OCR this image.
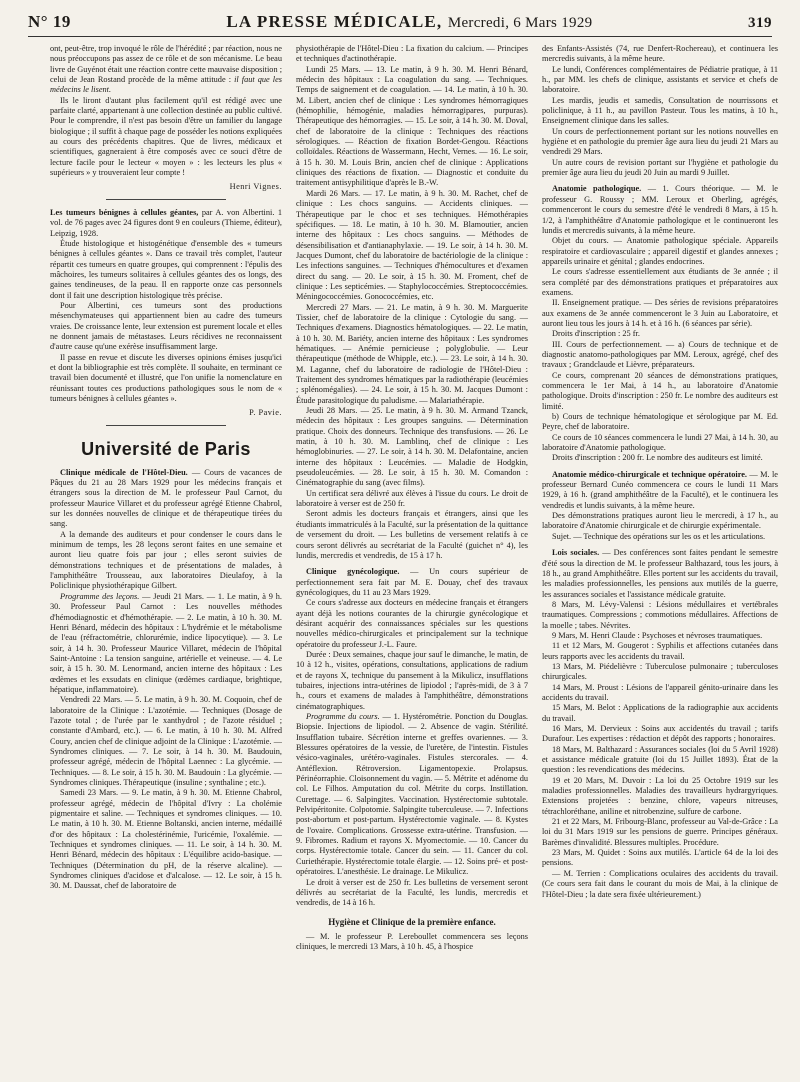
N° 19	LA PRESSE MÉDICALE, Mercredi, 6 Mars 1929	319

ont, peut-être, trop invoqué le rôle de l'hérédité ; par réaction, nous ne nous préoccupons pas assez de ce rôle et de son mécanisme. Le beau livre de Guyénot était une réaction contre cette mauvaise disposition ; celui de Jean Rostand procède de la même attitude : il faut que les médecins le lisent.

Ils le liront d'autant plus facilement qu'il est rédigé avec une parfaite clarté, appartenant à une collection destinée au public cultivé. Pour le comprendre, il n'est pas besoin d'être un familier du langage biologique ; il suffit à chaque page de posséder les notions expliquées au cours des précédents chapitres. Que de livres, médicaux et scientifiques, gagneraient à être composés avec ce souci d'être de lecture facile pour le lecteur « moyen » : les lecteurs les plus « supérieurs » y trouveraient leur compte !

Henri Vignes.

Les tumeurs bénignes à cellules géantes, par A. von Albertini. 1 vol. de 76 pages avec 24 figures dont 9 en couleurs (Thieme, éditeur), Leipzig, 1928.

Étude histologique et histogénétique d'ensemble des « tumeurs bénignes à cellules géantes ». Dans ce travail très complet, l'auteur répartit ces tumeurs en quatre groupes, qui comprennent : l'épulis des mâchoires, les tumeurs solitaires à cellules géantes des os longs, des gaines tendineuses, de la peau. Il en rapporte onze cas personnels dont il fait une description histologique très précise.

Pour Albertini, ces tumeurs sont des productions mésenchymateuses qui appartiennent bien au cadre des tumeurs vraies. De croissance lente, leur extension est purement locale et elles ne donnent jamais de métastases. Leurs récidives ne reconnaissent d'autre cause qu'une exérèse insuffisamment large.

Il passe en revue et discute les diverses opinions émises jusqu'ici et dont la bibliographie est très complète. Il souhaite, en terminant ce travail bien documenté et illustré, que l'on unifie la nomenclature en réunissant toutes ces productions pathologiques sous le nom de « tumeurs bénignes à cellules géantes ».

P. Pavie.
Université de Paris

Clinique médicale de l'Hôtel-Dieu. — Cours de vacances de Pâques du 21 au 28 Mars 1929 pour les médecins français et étrangers sous la direction de M. le professeur Paul Carnot, du professeur Maurice Villaret et du professeur agrégé Etienne Chabrol, sur les données nouvelles de clinique et de thérapeutique tirées du sang.

A la demande des auditeurs et pour condenser le cours dans le minimum de temps, les 28 leçons seront faites en une semaine et auront lieu quatre fois par jour ; elles seront suivies de démonstrations techniques et de présentations de malades, à l'amphithéâtre Trousseau, aux laboratoires Dieulafoy, à la Policlinique physiothérapique Gilbert.

Programme des leçons. — Jeudi 21 Mars. — 1. Le matin, à 9 h. 30. Professeur Paul Carnot : Les nouvelles méthodes d'hémodiagnostic et d'hémothérapie. — 2. Le matin, à 10 h. 30. M. Henri Bénard, médecin des hôpitaux : L'hydrémie et le métabolisme de l'eau (réfractométrie, chlorurémie, indice lipocytique). — 3. Le soir, à 14 h. 30. Professeur Maurice Villaret, médecin de l'hôpital Saint-Antoine : La tension sanguine, artérielle et veineuse. — 4. Le soir, à 15 h. 30. M. Lenormand, ancien interne des hôpitaux : Les œdèmes et les exsudats en clinique (œdèmes cardiaque, brightique, hépatique, inflammatoire).

Vendredi 22 Mars. — 5. Le matin, à 9 h. 30. M. Coquoin, chef de laboratoire de la Clinique : L'azotémie. — Techniques (Dosage de l'azote total ; de l'urée par le xanthydrol ; de l'azote résiduel ; constante d'Ambard, etc.). — 6. Le matin, à 10 h. 30. M. Alfred Coury, ancien chef de clinique adjoint de la Clinique : L'azotémie. — Syndromes cliniques. — 7. Le soir, à 14 h. 30. M. Baudouin, professeur agrégé, médecin de l'hôpital Laennec : La glycémie. — Techniques. — 8. Le soir, à 15 h. 30. M. Baudouin : La glycémie. — Syndromes cliniques. Thérapeutique (insuline ; synthaline ; etc.).

Samedi 23 Mars. — 9. Le matin, à 9 h. 30. M. Etienne Chabrol, professeur agrégé, médecin de l'hôpital d'Ivry : La cholémie pigmentaire et saline. — Techniques et syndromes cliniques. — 10. Le matin, à 10 h. 30. M. Etienne Boltanski, ancien interne, médaillé d'or des hôpitaux : La cholestérinémie, l'uricémie, l'oxalémie. — Techniques et syndromes cliniques. — 11. Le soir, à 14 h. 30. M. Henri Bénard, médecin des hôpitaux : L'équilibre acido-basique. — Techniques (Détermination du pH, de la réserve alcaline). — Syndromes cliniques d'acidose et d'alcalose. — 12. Le soir, à 15 h. 30. M. Daussat, chef de laboratoire de

physiothérapie de l'Hôtel-Dieu : La fixation du calcium. — Principes et techniques d'actinothérapie.

Lundi 25 Mars. — 13. Le matin, à 9 h. 30. M. Henri Bénard, médecin des hôpitaux : La coagulation du sang. — Techniques. Temps de saignement et de coagulation. — 14. Le matin, à 10 h. 30. M. Libert, ancien chef de clinique : Les syndromes hémorragiques (hémophilie, hémogénie, maladies hémorragipares, purpuras). Thérapeutique des hémorragies. — 15. Le soir, à 14 h. 30. M. Doval, chef de laboratoire de la clinique : Techniques des réactions sérologiques. — Réaction de fixation Bordet-Gengou. Réactions colloïdales. Réactions de Wassermann, Hecht, Vernes. — 16. Le soir, à 15 h. 30. M. Louis Brin, ancien chef de clinique : Applications cliniques des réactions de fixation. — Diagnostic et conduite du traitement antisyphilitique d'après le B.-W.

Mardi 26 Mars. — 17. Le matin, à 9 h. 30. M. Rachet, chef de clinique : Les chocs sanguins. — Accidents cliniques. — Thérapeutique par le choc et ses techniques. Hémothérapies spécifiques. — 18. Le matin, à 10 h. 30. M. Blamoutier, ancien interne des hôpitaux : Les chocs sanguins. — Méthodes de désensibilisation et d'antianaphylaxie. — 19. Le soir, à 14 h. 30. M. Jacques Dumont, chef du laboratoire de bactériologie de la clinique : Les infections sanguines. — Techniques d'hémocultures et d'examen direct du sang. — 20. Le soir, à 15 h. 30. M. Froment, chef de clinique : Les septicémies. — Staphylococcémies. Streptococcémies. Méningococcémies. Gonococcémies, etc.

Mercredi 27 Mars. — 21. Le matin, à 9 h. 30. M. Marguerite Tissier, chef de laboratoire de la clinique : Cytologie du sang. — Techniques d'examens. Diagnostics hématologiques. — 22. Le matin, à 10 h. 30. M. Bariéty, ancien interne des hôpitaux : Les syndromes hématiques. — Anémie pernicieuse ; polyglobulie. — Leur thérapeutique (méthode de Whipple, etc.). — 23. Le soir, à 14 h. 30. M. Laganne, chef du laboratoire de radiologie de l'Hôtel-Dieu : Traitement des syndromes hématiques par la radiothérapie (leucémies ; splénomégalies). — 24. Le soir, à 15 h. 30. M. Jacques Dumont : Étude parasitologique du paludisme. — Malariathérapie.

Jeudi 28 Mars. — 25. Le matin, à 9 h. 30. M. Armand Tzanck, médecin des hôpitaux : Les groupes sanguins. — Détermination pratique. Choix des donneurs. Technique des transfusions. — 26. Le matin, à 10 h. 30. M. Lamblinq, chef de clinique : Les hémoglobinuries. — 27. Le soir, à 14 h. 30. M. Delafontaine, ancien interne des hôpitaux : Leucémies. — Maladie de Hodgkin, pseudoleucémies. — 28. Le soir, à 15 h. 30. M. Comandon : Cinématographie du sang (avec films).

Un certificat sera délivré aux élèves à l'issue du cours. Le droit de laboratoire à verser est de 250 fr.

Seront admis les docteurs français et étrangers, ainsi que les étudiants immatriculés à la Faculté, sur la présentation de la quittance de versement du droit. — Les bulletins de versement relatifs à ce cours seront délivrés au secrétariat de la Faculté (guichet n° 4), les lundis, mercredis et vendredis, de 15 à 17 h.

Clinique gynécologique. — Un cours supérieur de perfectionnement sera fait par M. E. Douay, chef des travaux gynécologiques, du 11 au 23 Mars 1929.

Ce cours s'adresse aux docteurs en médecine français et étrangers ayant déjà les notions courantes de la chirurgie gynécologique et désirant acquérir des connaissances spéciales sur les questions nouvelles médico-chirurgicales et principalement sur la technique opératoire du professeur J.-L. Faure.

Durée : Deux semaines, chaque jour sauf le dimanche, le matin, de 10 à 12 h., visites, opérations, consultations, applications de radium et de rayons X, technique du pansement à la Mikulicz, insufflations tubaires, injections intra-utérines de lipiodol ; l'après-midi, de 3 à 7 h., cours et examens de malades à l'amphithéâtre, démonstrations cinématographiques.

Programme du cours. — 1. Hystérométrie. Ponction du Douglas. Biopsie. Injections de lipiodol. — 2. Absence de vagin. Stérilité. Insufflation tubaire. Sécrétion interne et greffes ovariennes. — 3. Blessures opératoires de la vessie, de l'uretère, de l'intestin. Fistules vésico-vaginales, urétéro-vaginales. Fistules stercorales. — 4. Antéflexion. Rétroversion. Ligamentopexie. Prolapsus. Périnéorraphie. Cloisonnement du vagin. — 5. Métrite et adénome du col. Le Filhos. Amputation du col. Métrite du corps. Instillation. Curettage. — 6. Salpingites. Vaccination. Hystérectomie subtotale. Pelvipéritonite. Colpotomie. Salpingite tuberculeuse. — 7. Infections post-abortum et post-partum. Hystérectomie vaginale. — 8. Kystes de l'ovaire. Complications. Grossesse extra-utérine. Transfusion. — 9. Fibromes. Radium et rayons X. Myomectomie. — 10. Cancer du corps. Hystérectomie totale. Cancer du sein. — 11. Cancer du col. Curiethérapie. Hystérectomie totale élargie. — 12. Soins pré- et post-opératoires. L'anesthésie. Le drainage. Le Mikulicz.

Le droit à verser est de 250 fr. Les bulletins de versement seront délivrés au secrétariat de la Faculté, les lundis, mercredis et vendredis, de 14 à 16 h.

Hygiène et Clinique de la première enfance.

— M. le professeur P. Lereboullet commencera ses leçons cliniques, le mercredi 13 Mars, à 10 h. 45, à l'hospice

des Enfants-Assistés (74, rue Denfert-Rochereau), et continuera les mercredis suivants, à la même heure.

Le lundi, Conférences complémentaires de Pédiatrie pratique, à 11 h., par MM. les chefs de clinique, assistants et service et chefs de laboratoire.

Les mardis, jeudis et samedis, Consultation de nourrissons et policlinique, à 11 h., au pavillon Pasteur. Tous les matins, à 10 h., Enseignement clinique dans les salles.

Un cours de perfectionnement portant sur les notions nouvelles en hygiène et en pathologie du premier âge aura lieu du jeudi 21 Mars au vendredi 29 Mars.

Un autre cours de revision portant sur l'hygiène et pathologie du premier âge aura lieu du jeudi 20 Juin au mardi 9 Juillet.

Anatomie pathologique. — 1. Cours théorique. — M. le professeur G. Roussy ; MM. Leroux et Oberling, agrégés, commenceront le cours du semestre d'été le vendredi 8 Mars, à 15 h. 1/2, à l'amphithéâtre d'Anatomie pathologique et le continueront les lundis et mercredis suivants, à la même heure.

Objet du cours. — Anatomie pathologique spéciale. Appareils respiratoire et cardiovasculaire ; appareil digestif et glandes annexes ; appareils urinaire et génital ; glandes endocrines.

Le cours s'adresse essentiellement aux étudiants de 3e année ; il sera complété par des démonstrations pratiques et préparatoires aux examens.

II. Enseignement pratique. — Des séries de revisions préparatoires aux examens de 3e année commenceront le 3 Juin au Laboratoire, et auront lieu tous les jours à 14 h. et à 16 h. (6 séances par série).

Droits d'inscription : 25 fr.

III. Cours de perfectionnement. — a) Cours de technique et de diagnostic anatomo-pathologiques par MM. Leroux, agrégé, chef des travaux ; Grandclaude et Lièvre, préparateurs.

Ce cours, comprenant 20 séances de démonstrations pratiques, commencera le 1er Mai, à 14 h., au laboratoire d'Anatomie pathologique. Droits d'inscription : 250 fr. Le nombre des auditeurs est limité.

b) Cours de technique hématologique et sérologique par M. Ed. Peyre, chef de laboratoire.

Ce cours de 10 séances commencera le lundi 27 Mai, à 14 h. 30, au laboratoire d'Anatomie pathologique.

Droits d'inscription : 200 fr. Le nombre des auditeurs est limité.

Anatomie médico-chirurgicale et technique opératoire. — M. le professeur Bernard Cunéo commencera ce cours le lundi 11 Mars 1929, à 16 h. (grand amphithéâtre de la Faculté), et le continuera les vendredis et lundis suivants, à la même heure.

Des démonstrations pratiques auront lieu le mercredi, à 17 h., au laboratoire d'Anatomie chirurgicale et de chirurgie expérimentale.

Sujet. — Technique des opérations sur les os et les articulations.

Lois sociales. — Des conférences sont faites pendant le semestre d'été sous la direction de M. le professeur Balthazard, tous les jours, à 18 h., au grand Amphithéâtre. Elles portent sur les accidents du travail, les maladies professionnelles, les pensions aux mutilés de la guerre, les assurances sociales et l'assistance médicale gratuite.

8 Mars, M. Lévy-Valensi : Lésions médullaires et vertébrales traumatiques. Compressions ; commotions médullaires. Affections de la moelle ; tabes. Névrites.

9 Mars, M. Henri Claude : Psychoses et névroses traumatiques.

11 et 12 Mars, M. Gougerot : Syphilis et affections cutanées dans leurs rapports avec les accidents du travail.

13 Mars, M. Piédelièvre : Tuberculose pulmonaire ; tuberculoses chirurgicales.

14 Mars, M. Proust : Lésions de l'appareil génito-urinaire dans les accidents du travail.

15 Mars, M. Belot : Applications de la radiographie aux accidents du travail.

16 Mars, M. Dervieux : Soins aux accidentés du travail ; tarifs Durafour. Les expertises : rédaction et dépôt des rapports ; honoraires.

18 Mars, M. Balthazard : Assurances sociales (loi du 5 Avril 1928) et assistance médicale gratuite (loi du 15 Juillet 1893). État de la question : les revendications des médecins.

19 et 20 Mars, M. Duvoir : La loi du 25 Octobre 1919 sur les maladies professionnelles. Maladies des travailleurs hydrargyriques. Extensions projetées : benzine, chlore, vapeurs nitreuses, tétrachloréthane, aniline et nitrobenzine, sulfure de carbone.

21 et 22 Mars, M. Fribourg-Blanc, professeur au Val-de-Grâce : La loi du 31 Mars 1919 sur les pensions de guerre. Principes généraux. Barèmes d'invalidité. Blessures multiples. Procédure.

23 Mars, M. Quidet : Soins aux mutilés. L'article 64 de la loi des pensions.

— M. Terrien : Complications oculaires des accidents du travail. (Ce cours sera fait dans le courant du mois de Mai, à la clinique de l'Hôtel-Dieu ; la date sera fixée ultérieurement.)
